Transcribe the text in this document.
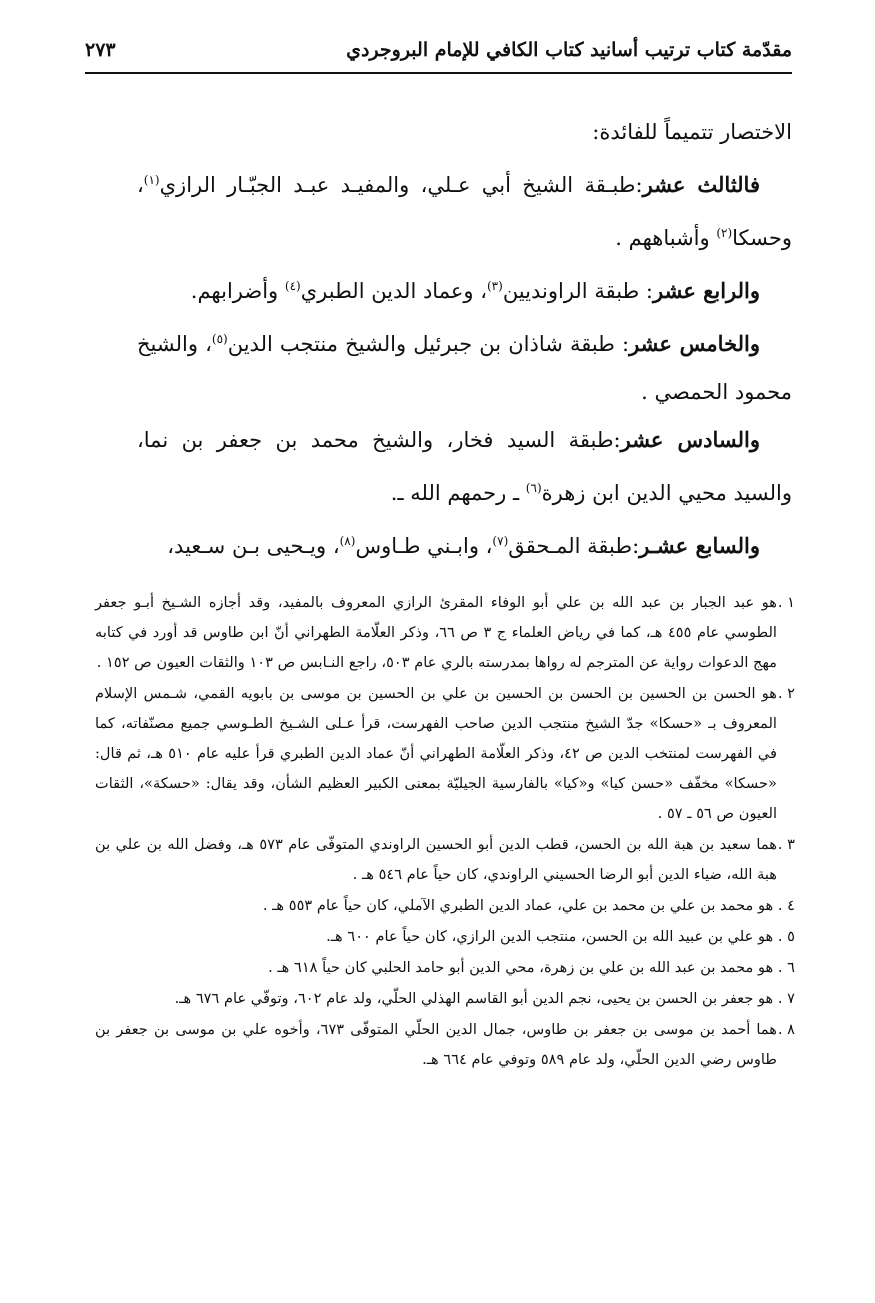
مقدّمة كتاب ترتيب أسانيد كتاب الكافي للإمام البروجردي
٢٧٣

الاختصار تتميماً للفائدة:

فالثالث عشر:طبـقة الشيخ أبي عـلي، والمفيـد عبـد الجبّـار الرازي$^{(١)}$، وحسكا$^{(٢)}$ وأشباههم .

والرابع عشر: طبقة الراونديين$^{(٣)}$، وعماد الدين الطبري$^{(٤)}$ وأضرابهم.

والخامس عشر: طبقة شاذان بن جبرئيل والشيخ منتجب الدين$^{(٥)}$، والشيخ محمود الحمصي .

والسادس عشر:طبقة السيد فخار، والشيخ محمد بن جعفر بن نما، والسيد محيي الدين ابن زهرة$^{(٦)}$ ـ رحمهم الله ـ.

والسابع عشـر:طبقة المـحقق$^{(٧)}$، وابـني طـاوس$^{(٨)}$، ويـحيى بـن سـعيد،

١ .
هو عبد الجبار بن عبد الله بن علي أبو الوفاء المقرئ الرازي المعروف بالمفيد، وقد أجازه الشـيخ أبـو جعفر الطوسي عام ٤٥٥ هـ، كما في رياض العلماء ج ٣ ص ٦٦، وذكر العلّامة الطهراني أنّ ابن طاوس قد أورد في كتابه مهج الدعوات رواية عن المترجم له رواها بمدرسته بالري عام ٥٠٣، راجع النـابس ص ١٠٣ والثقات العيون ص ١٥٢ .

٢ .
هو الحسن بن الحسين بن الحسن بن الحسين بن علي بن الحسين بن موسى بن بابويه القمي، شـمس الإسلام المعروف بـ «حسكا» جدّ الشيخ منتجب الدين صاحب الفهرست، قرأ عـلى الشـيخ الطـوسي جميع مصنّفاته، كما في الفهرست لمنتخب الدين ص ٤٢، وذكر العلّامة الطهراني أنّ عماد الدين الطبري قرأ عليه عام ٥١٠ هـ، ثم قال: «حسكا» مخفّف «حسن كيا» و«كيا» بالفارسية الجيليّة بمعنى الكبير العظيم الشأن، وقد يقال: «حسكة»، الثقات العيون ص ٥٦ ـ ٥٧ .

٣ .
هما سعيد بن هبة الله بن الحسن، قطب الدين أبو الحسين الراوندي المتوفّى عام ٥٧٣ هـ، وفضل الله بن علي بن هبة الله، ضياء الدين أبو الرضا الحسيني الراوندي، كان حياً عام ٥٤٦ هـ .

٤ . هو محمد بن علي بن محمد بن علي، عماد الدين الطبري الآملي، كان حياً عام ٥٥٣ هـ .

٥ . هو علي بن عبيد الله بن الحسن، منتجب الدين الرازي، كان حياً عام ٦٠٠ هـ.

٦ . هو محمد بن عبد الله بن علي بن زهرة، محي الدين أبو حامد الحلبي كان حياً ٦١٨ هـ .

٧ . هو جعفر بن الحسن بن يحيى، نجم الدين أبو القاسم الهذلي الحلّي، ولد عام ٦٠٢، وتوفّي عام ٦٧٦ هـ.

٨ .
هما أحمد بن موسى بن جعفر بن طاوس، جمال الدين الحلّي المتوفّى ٦٧٣، وأخوه علي بن موسى بن جعفر بن طاوس رضي الدين الحلّي، ولد عام ٥٨٩ وتوفي عام ٦٦٤ هـ.
